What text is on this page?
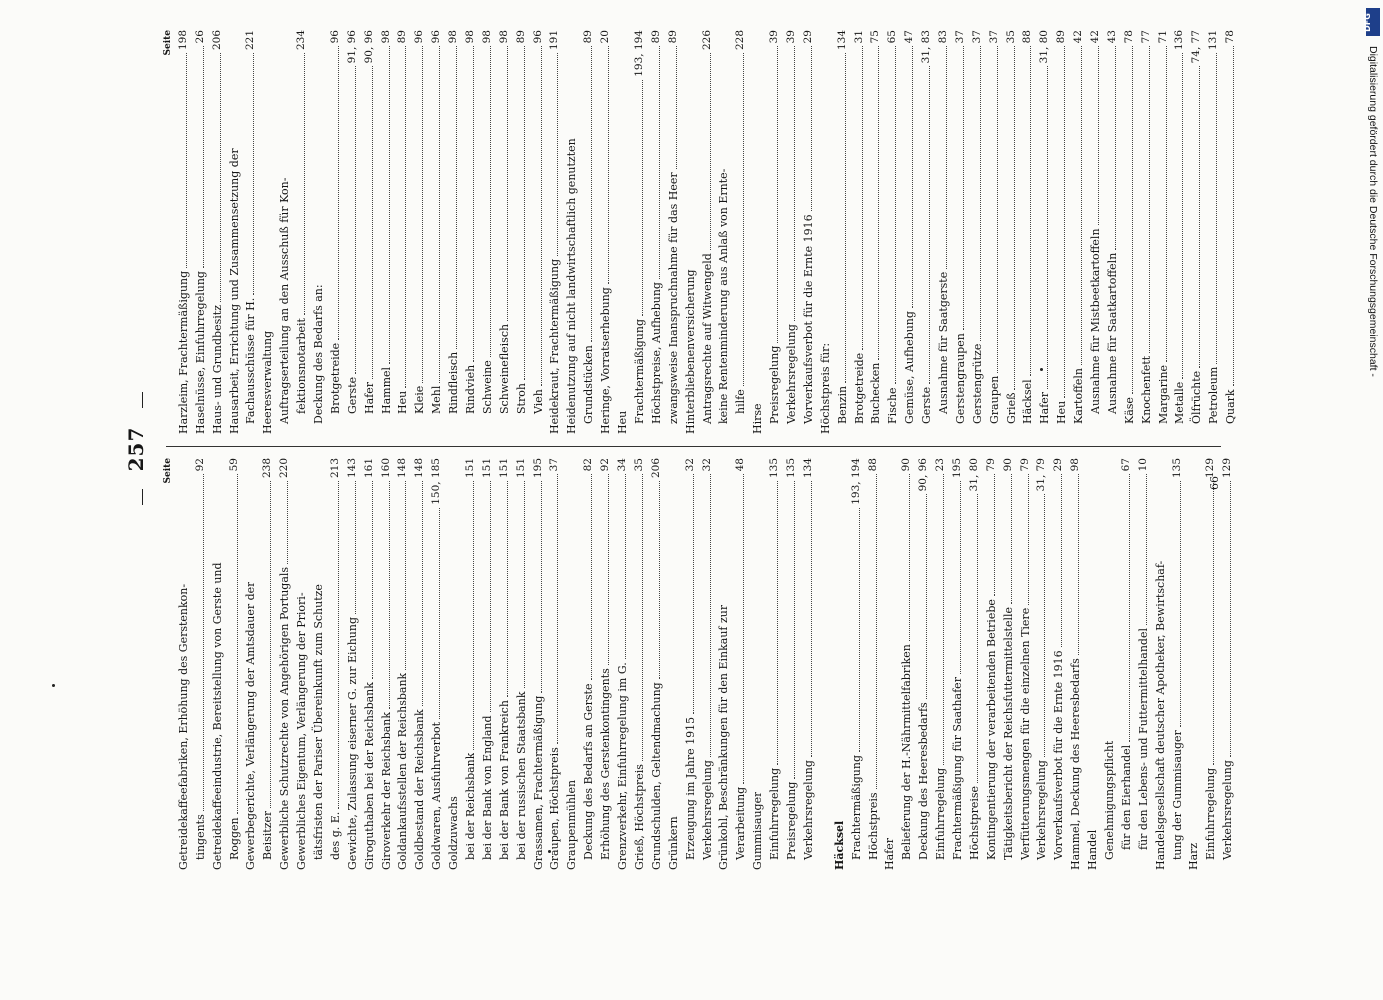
257 Seite
Getreidekaffeefabriken, Erhöhung des Gerstenkon- tingents
92
Getreidekaffeeindustrie, Bereitstellung von Gerste und Roggen
59
Gewerbegerichte, Verlängerung der Amtsdauer der Beisitzer
238
Gewerbliche Schutzrechte von Angehörigen Portugals
220
Gewerbliches Eigentum, Verlängerung der Priori- tätsfristen der Pariser Übereinkunft zum Schutze des g. E.
213
Gewichte, Zulassung eiserner G. zur Eichung
143
Giroguthaben bei der Reichsbank
161
Giroverkehr der Reichsbank
160
Goldankaufsstellen der Reichsbank
148
Goldbestand der Reichsbank
148
Goldwaren, Ausfuhrverbot
150, 185
Goldzuwachs bei der Reichsbank
151
bei der Bank von England
151
bei der Bank von Frankreich
151
bei der russischen Staatsbank
151
Grassamen, Frachtermäßigung
195
Graupen, Höchstpreis
37
Graupenmühlen Deckung des Bedarfs an Gerste
82
Erhöhung des Gerstenkontingents
92
Grenzverkehr, Einfuhrregelung im G.
34
Grieß, Höchstpreis
35
Grundschulden, Geltendmachung
206
Grünkern Erzeugung im Jahre 1915
32
Verkehrsregelung
32
Grünkohl, Beschränkungen für den Einkauf zur Verarbeitung
48
Gummisauger Einfuhrregelung
135
Preisregelung
135
Verkehrsregelung
134
Häcksel Frachtermäßigung
193, 194
Höchstpreis
88
Hafer Belieferung der H.-Nährmittelfabriken
90
Deckung des Heeresbedarfs
90, 96
Einfuhrregelung
23
Frachtermäßigung für Saathafer
195
Höchstpreise
31, 80
Kontingentierung der verarbeitenden Betriebe
79
Tätigkeitsbericht der Reichsfuttermittelstelle
90
Verfütterungsmengen für die einzelnen Tiere
79
Verkehrsregelung
31, 79
Vorverkaufsverbot für die Ernte 1916
29
Hammel, Deckung des Heeresbedarfs
98
Handel Genehmigungspflicht für den Eierhandel
67
für den Lebens- und Futtermittelhandel
10
Handelsgesellschaft deutscher Apotheker, Bewirtschaf- tung der Gummisauger
135
Harz Einfuhrregelung
129
Verkehrsregelung
129
Seite
Harzleim, Frachtermäßigung
198
Haselnüsse, Einfuhrregelung
26
Haus- und Grundbesitz
206
Hausarbeit, Errichtung und Zusammensetzung der Fachausschüsse für H.
221
Heeresverwaltung Auftragserteilung an den Ausschuß für Kon- fektionsnotarbeit
234
Deckung des Bedarfs an: Brotgetreide
96
Gerste
91, 96
Hafer
90, 96
Hammel
98
Heu
89
Kleie
96
Mehl
96
Rindfleisch
98
Rindvieh
98
Schweine
98
Schweinefleisch
98
Stroh
89
Vieh
96
Heidekraut, Frachtermäßigung
191
Heidenutzung auf nicht landwirtschaftlich genutzten Grundstücken
89
Heringe, Vorratserhebung
20
Heu Frachtermäßigung
193, 194
Höchstpreise, Aufhebung
89
zwangsweise Inanspruchnahme für das Heer
89
Hinterbliebenenversicherung Antragsrechte auf Witwengeld
226
keine Rentenminderung aus Anlaß von Ernte- hilfe
228
Hirse Preisregelung
39
Verkehrsregelung
39
Vorverkaufsverbot für die Ernte 1916
29
Höchstpreis für: Benzin
134
Brotgetreide
31
Buchecken
75
Fische
65
Gemüse, Aufhebung
47
Gerste
31, 83
Ausnahme für Saatgerste
83
Gerstengraupen
37
Gerstengrütze
37
Graupen
37
Grieß
35
Häcksel
88
Hafer
31, 80
Heu
89
Kartoffeln
42
Ausnahme für Mistbeetkartoffeln
42
Ausnahme für Saatkartoffeln
43
Käse
78
Knochenfett
77
Margarine
71
Metalle
136
Ölfrüchte
74, 77
Petroleum
131
Quark
78
66
DFG
Digitalisierung gefördert durch die Deutsche Forschungsgemeinschaft -
